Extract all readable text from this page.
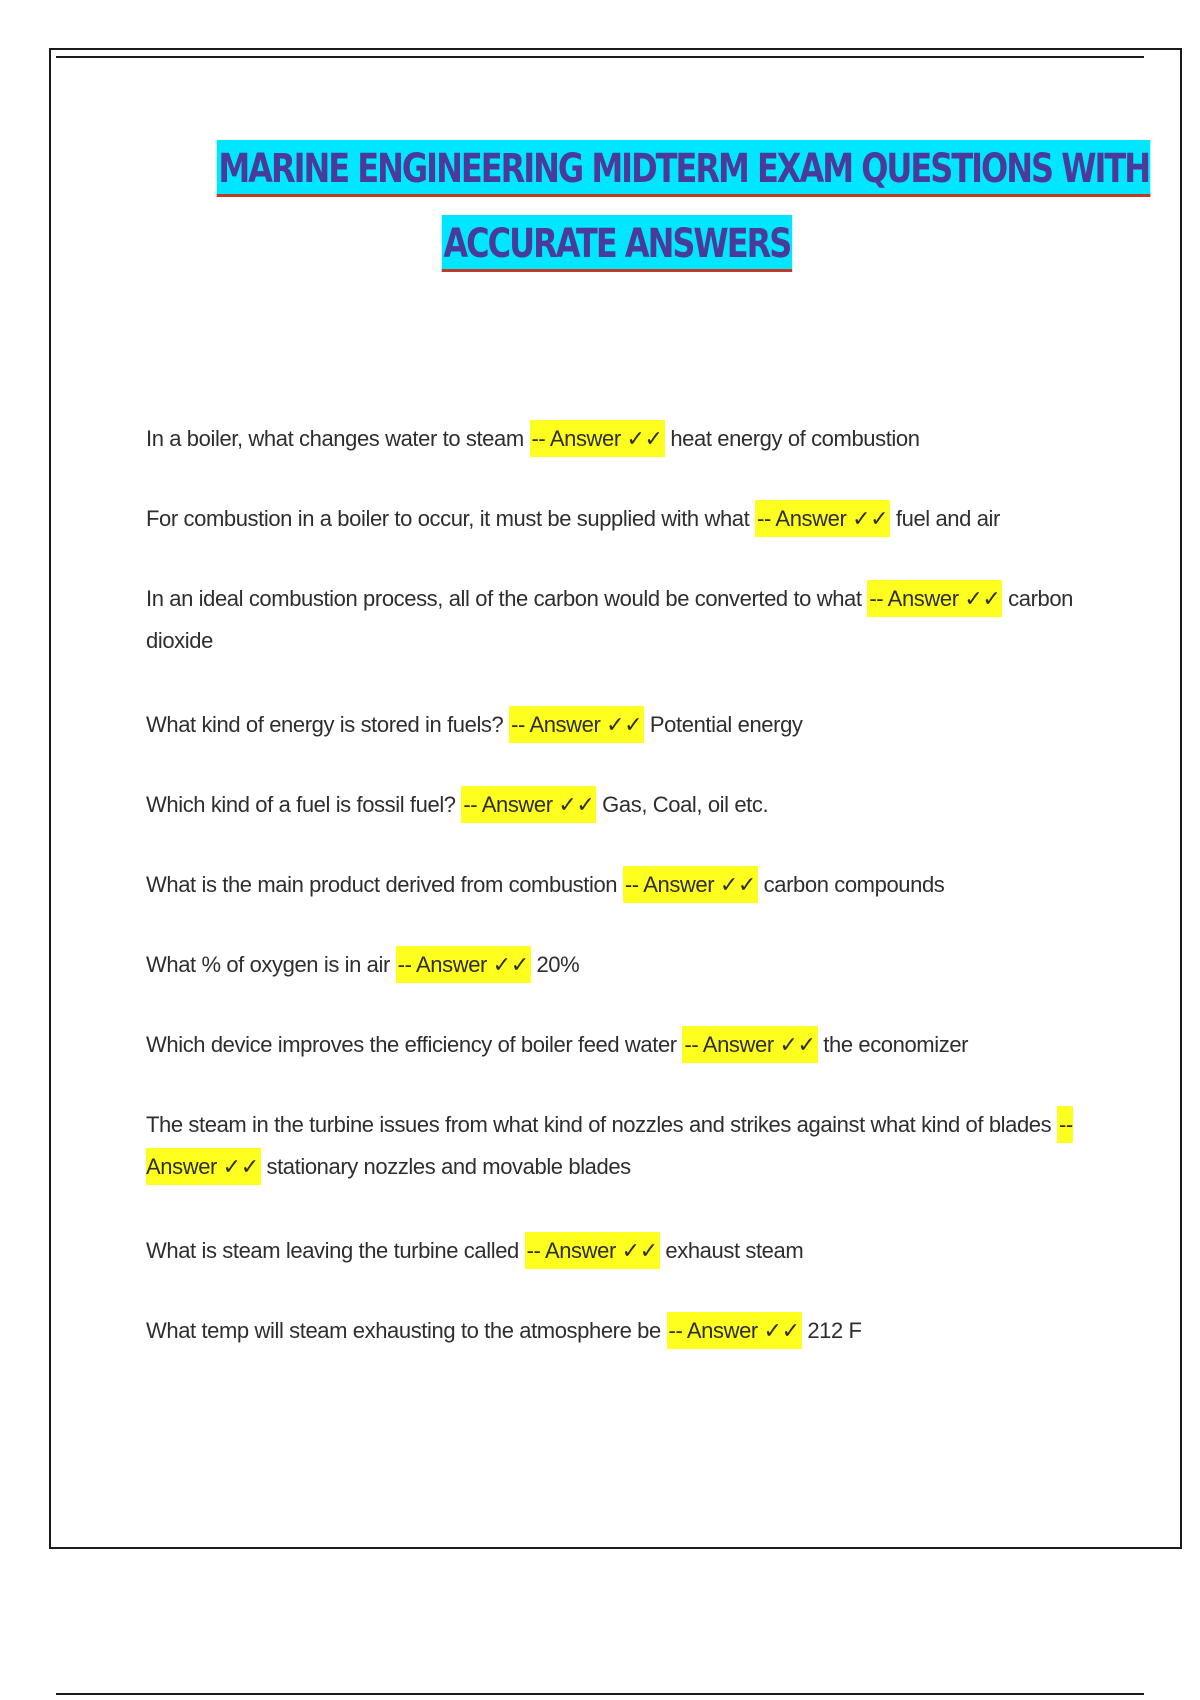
MARINE ENGINEERING MIDTERM EXAM QUESTIONS WITH
ACCURATE ANSWERS
In a boiler, what changes water to steam -- Answer ✓✓ heat energy of combustion
For combustion in a boiler to occur, it must be supplied with what -- Answer ✓✓ fuel and air
In an ideal combustion process, all of the carbon would be converted to what -- Answer ✓✓ carbon dioxide
What kind of energy is stored in fuels? -- Answer ✓✓ Potential energy
Which kind of a fuel is fossil fuel? -- Answer ✓✓ Gas, Coal, oil etc.
What is the main product derived from combustion -- Answer ✓✓ carbon compounds
What % of oxygen is in air -- Answer ✓✓ 20%
Which device improves the efficiency of boiler feed water -- Answer ✓✓ the economizer
The steam in the turbine issues from what kind of nozzles and strikes against what kind of blades -- Answer ✓✓ stationary nozzles and movable blades
What is steam leaving the turbine called -- Answer ✓✓ exhaust steam
What temp will steam exhausting to the atmosphere be -- Answer ✓✓ 212 F
